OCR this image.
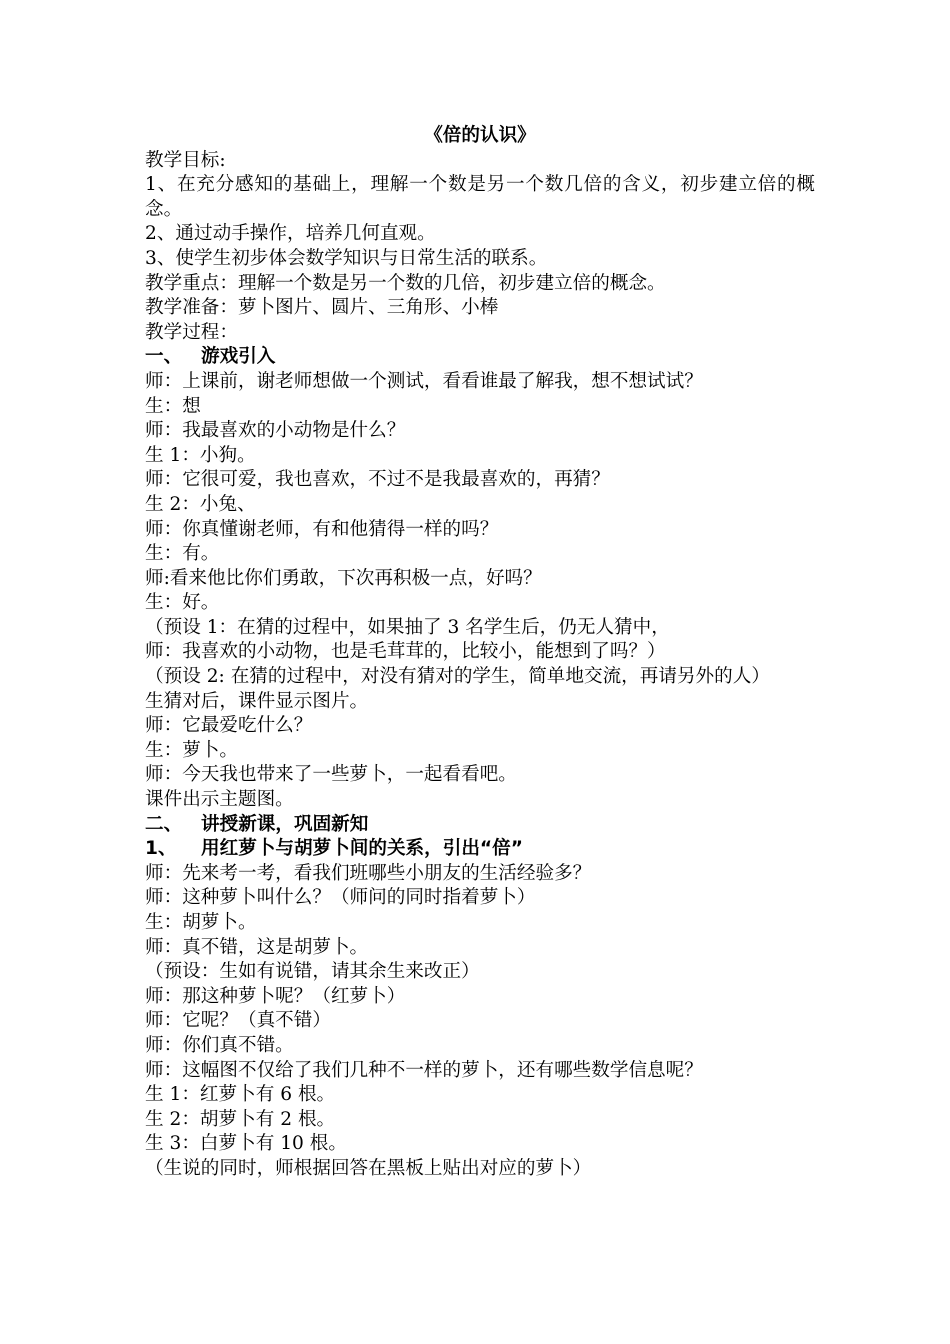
《倍的认识》

教学目标:

1、在充分感知的基础上，理解一个数是另一个数几倍的含义，初步建立倍的概念。

2、通过动手操作，培养几何直观。

3、使学生初步体会数学知识与日常生活的联系。

教学重点：理解一个数是另一个数的几倍，初步建立倍的概念。

教学准备：萝卜图片、圆片、三角形、小棒

教学过程：

一、 游戏引入

师：上课前，谢老师想做一个测试，看看谁最了解我，想不想试试？

生：想

师：我最喜欢的小动物是什么？

生 1：小狗。

师：它很可爱，我也喜欢，不过不是我最喜欢的，再猜？

生 2：小兔、

师：你真懂谢老师，有和他猜得一样的吗？

生：有。

师:看来他比你们勇敢，下次再积极一点，好吗？

生：好。

（预设 1：在猜的过程中，如果抽了 3 名学生后，仍无人猜中，

师：我喜欢的小动物，也是毛茸茸的，比较小，能想到了吗？）

（预设 2: 在猜的过程中，对没有猜对的学生，简单地交流，再请另外的人）

生猜对后，课件显示图片。

师：它最爱吃什么？

生：萝卜。

师：今天我也带来了一些萝卜，一起看看吧。

课件出示主题图。

二、 讲授新课，巩固新知

1、 用红萝卜与胡萝卜间的关系，引出“倍”

师：先来考一考，看我们班哪些小朋友的生活经验多？

师：这种萝卜叫什么？（师问的同时指着萝卜）

生：胡萝卜。

师：真不错，这是胡萝卜。

（预设：生如有说错，请其余生来改正）

师：那这种萝卜呢？（红萝卜）

师：它呢？（真不错）

师：你们真不错。

师：这幅图不仅给了我们几种不一样的萝卜，还有哪些数学信息呢？

生 1：红萝卜有 6 根。

生 2：胡萝卜有 2 根。

生 3：白萝卜有 10 根。

（生说的同时，师根据回答在黑板上贴出对应的萝卜）
